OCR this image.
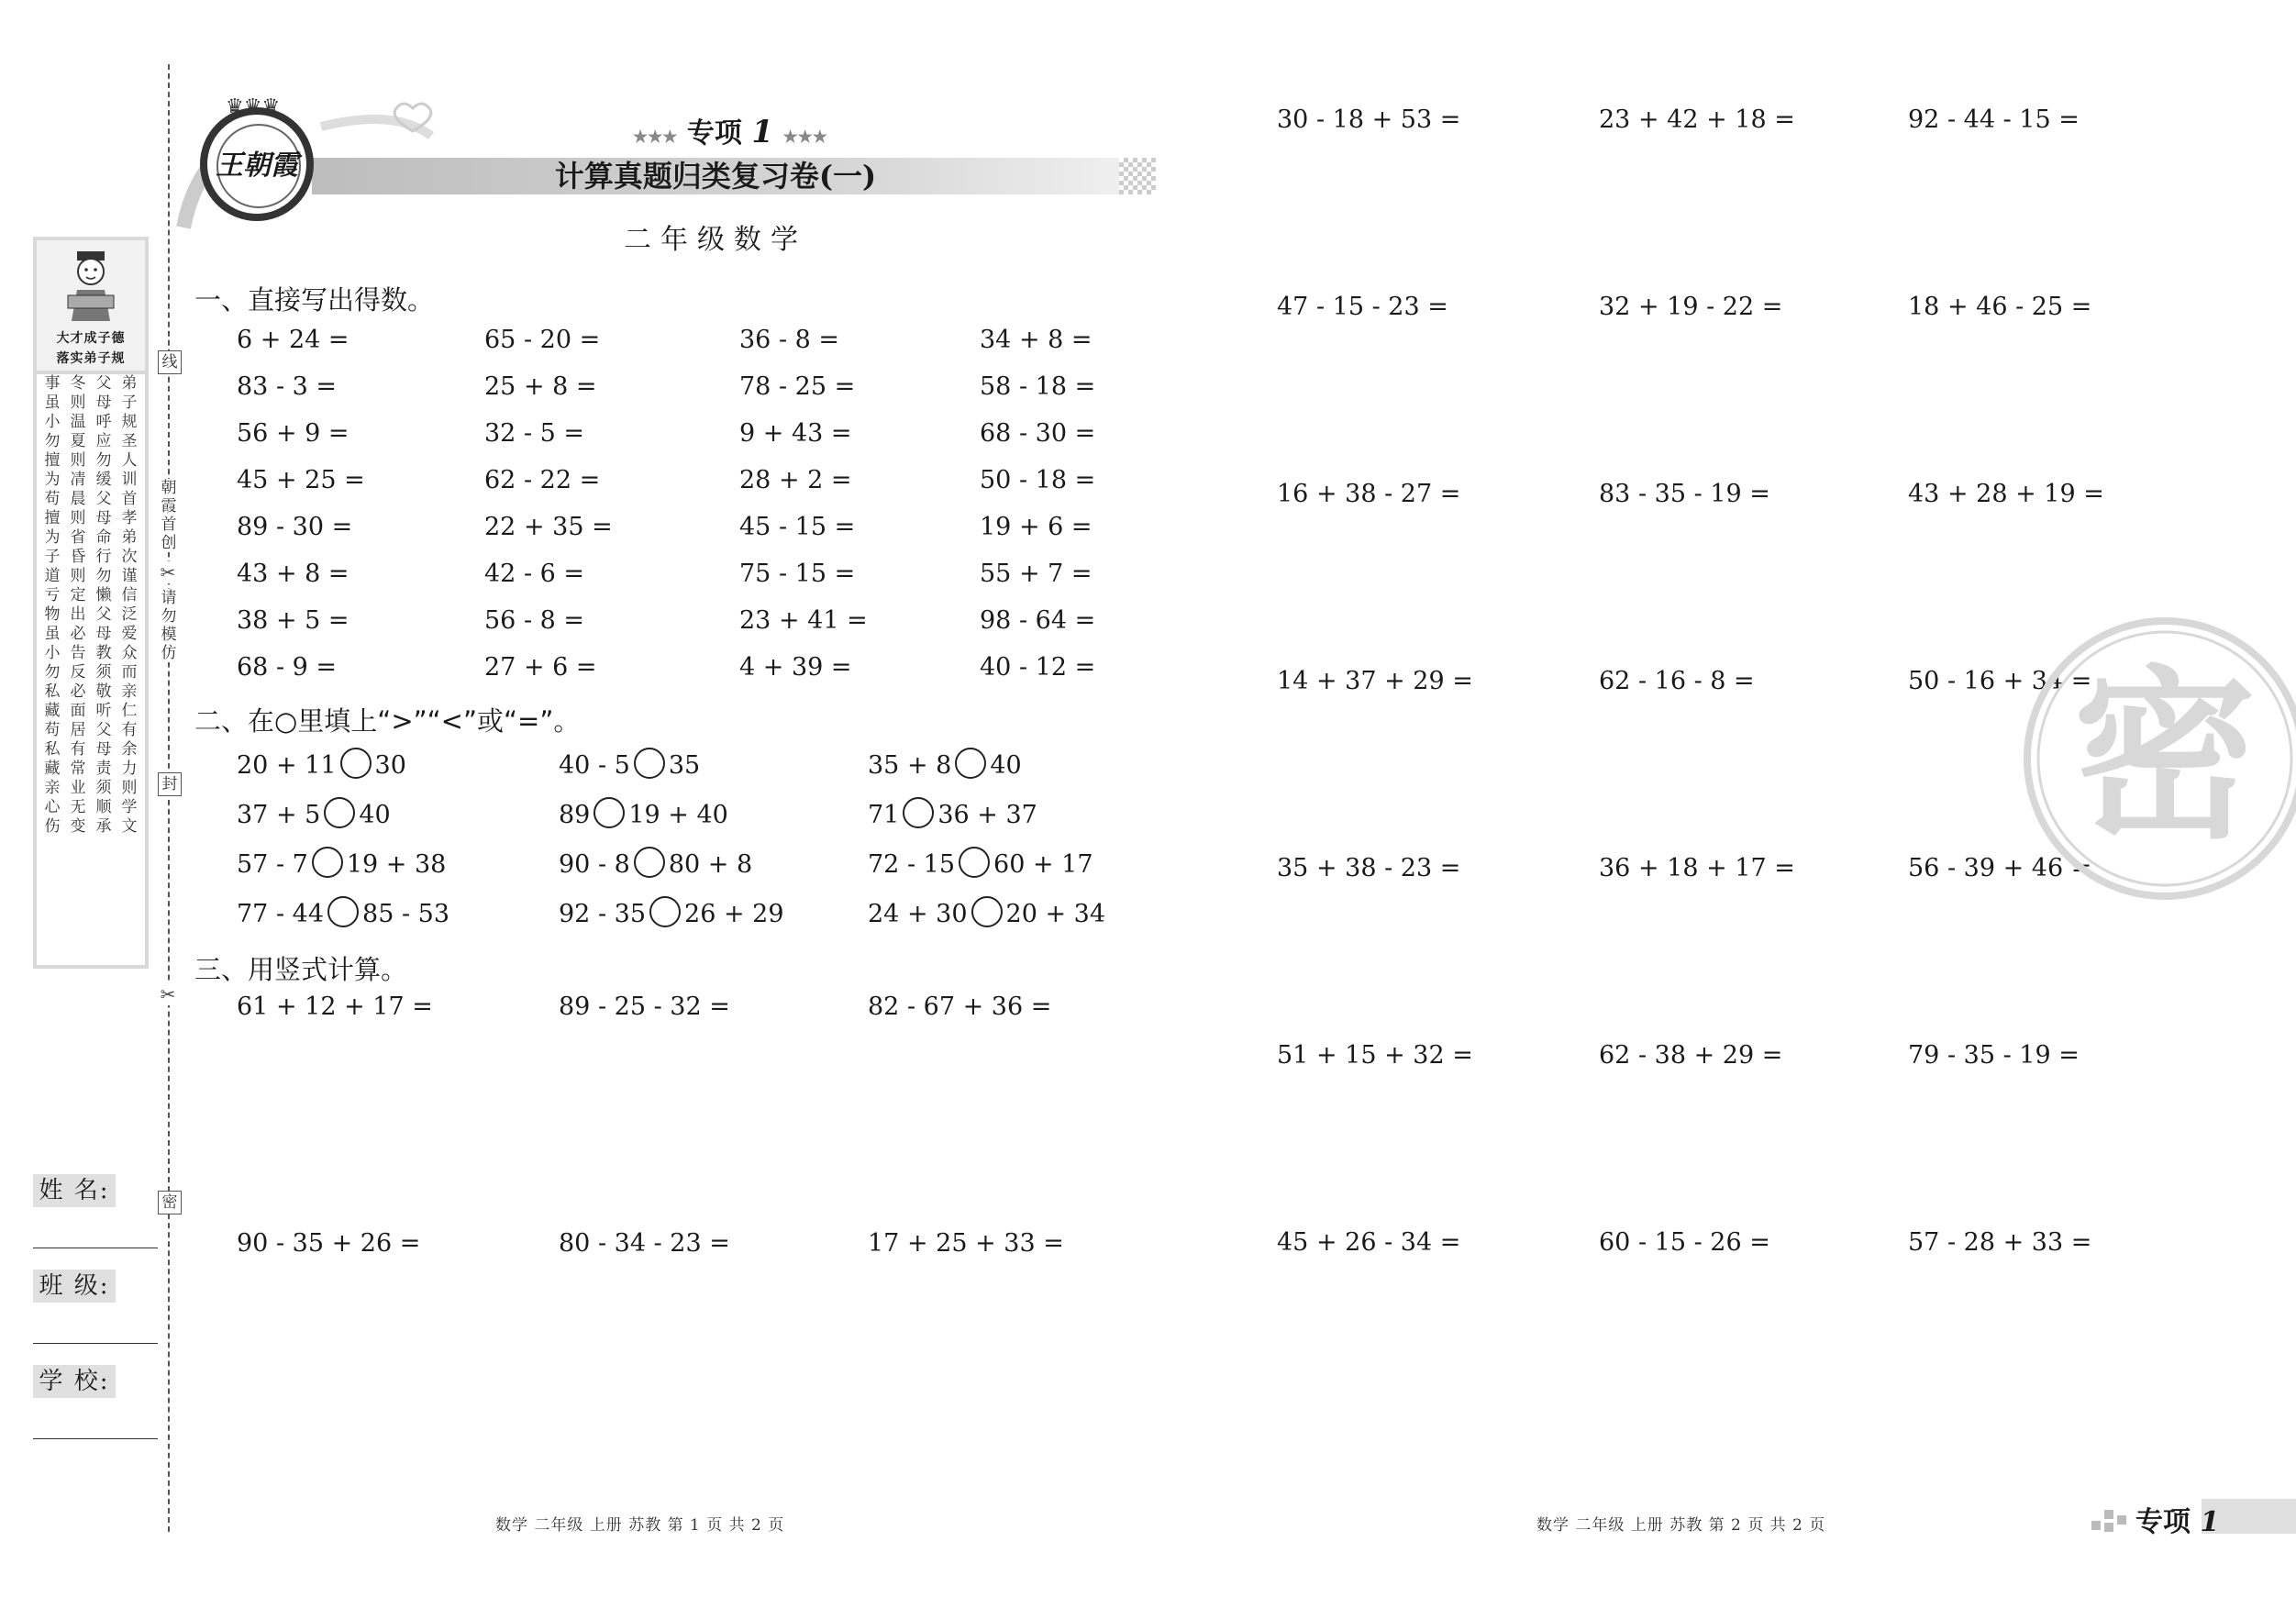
线
朝霞首创
✂
请勿模仿
封
✂
密
大才成子德
落实弟子规
事虽小勿擅为苟擅为子道亏物虽小勿私藏苟私藏亲心伤
冬则温夏则凊晨则省昏则定出必告反必面居有常业无变
父母呼应勿缓父母命行勿懒父母教须敬听父母责须顺承
弟子规圣人训首孝弟次谨信泛爱众而亲仁有余力则学文
姓 名:
班 级:
学 校:
王朝霞
♛♛♛
★★★ 专项 1 ★★★
计算真题归类复习卷(一)
二年级数学
一、直接写出得数。
6 + 24 =	65 - 20 =	36 - 8 =	34 + 8 =
83 - 3 =	25 + 8 =	78 - 25 =	58 - 18 =
56 + 9 =	32 - 5 =	9 + 43 =	68 - 30 =
45 + 25 =	62 - 22 =	28 + 2 =	50 - 18 =
89 - 30 =	22 + 35 =	45 - 15 =	19 + 6 =
43 + 8 =	42 - 6 =	75 - 15 =	55 + 7 =
38 + 5 =	56 - 8 =	23 + 41 =	98 - 64 =
68 - 9 =	27 + 6 =	4 + 39 =	40 - 12 =
二、在○里填上“>”“<”或“=”。
20 + 11 30	40 - 5 35	35 + 8 40
37 + 5 40	89 19 + 40	71 36 + 37
57 - 7 19 + 38	90 - 8 80 + 8	72 - 15 60 + 17
77 - 44 85 - 53	92 - 35 26 + 29	24 + 30 20 + 34
三、用竖式计算。
61 + 12 + 17 =	89 - 25 - 32 =	82 - 67 + 36 =
90 - 35 + 26 =	80 - 34 - 23 =	17 + 25 + 33 =
30 - 18 + 53 =	23 + 42 + 18 =	92 - 44 - 15 =
47 - 15 - 23 =	32 + 19 - 22 =	18 + 46 - 25 =
16 + 38 - 27 =	83 - 35 - 19 =	43 + 28 + 19 =
14 + 37 + 29 =	62 - 16 - 8 =	50 - 16 + 34 =
35 + 38 - 23 =	36 + 18 + 17 =	56 - 39 + 46 =
51 + 15 + 32 =	62 - 38 + 29 =	79 - 35 - 19 =
45 + 26 - 34 =	60 - 15 - 26 =	57 - 28 + 33 =
密
数学 二年级 上册 苏教 第 1 页 共 2 页	数学 二年级 上册 苏教 第 2 页 共 2 页	专项 1
